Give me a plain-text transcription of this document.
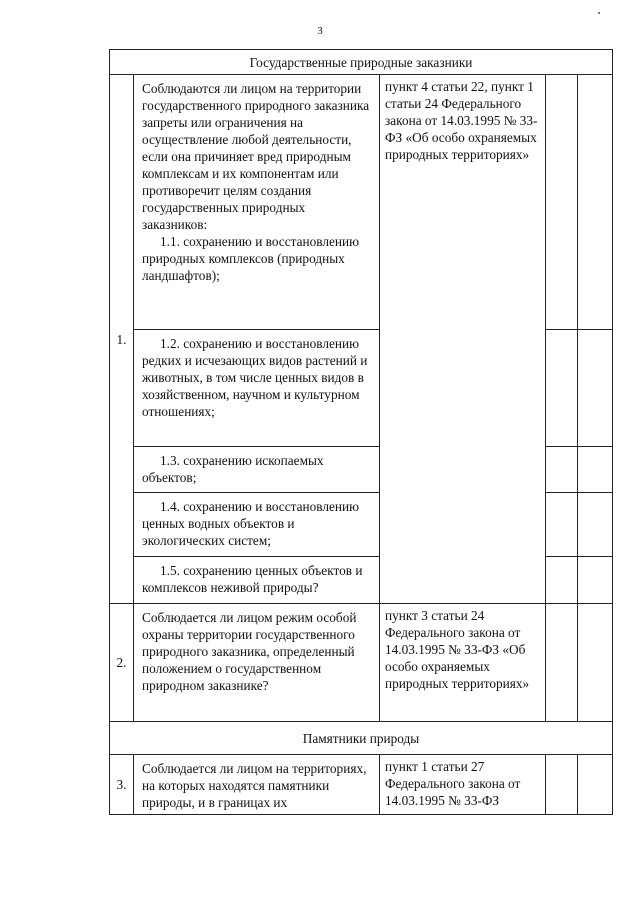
3
Государственные природные заказники				
1.	Соблюдаются ли лицом на территории государственного природного заказника запреты или ограничения на осуществление любой деятельности, если она причиняет вред природным комплексам и их компонентам или противоречит целям создания государственных природных заказников:
1.1. сохранению и восстановлению природных комплексов (природных ландшафтов);	пункт 4 статьи 22, пункт 1 статьи 24 Федерального закона от 14.03.1995 № 33-ФЗ «Об особо охраняемых природных территориях»		
	1.2. сохранению и восстановлению редких и исчезающих видов растений и животных, в том числе ценных видов в хозяйственном, научном и культурном отношениях;			
	1.3. сохранению ископаемых объектов;			
	1.4. сохранению и восстановлению ценных водных объектов и экологических систем;			
	1.5. сохранению ценных объектов и комплексов неживой природы?			
2.	Соблюдается ли лицом режим особой охраны территории государственного природного заказника, определенный положением о государственном природном заказнике?	пункт 3 статьи 24 Федерального закона от 14.03.1995 № 33-ФЗ «Об особо охраняемых природных территориях»		
Памятники природы				
3.	Соблюдается ли лицом на территориях, на которых находятся памятники природы, и в границах их	пункт 1 статьи 27 Федерального закона от 14.03.1995 № 33-ФЗ		
